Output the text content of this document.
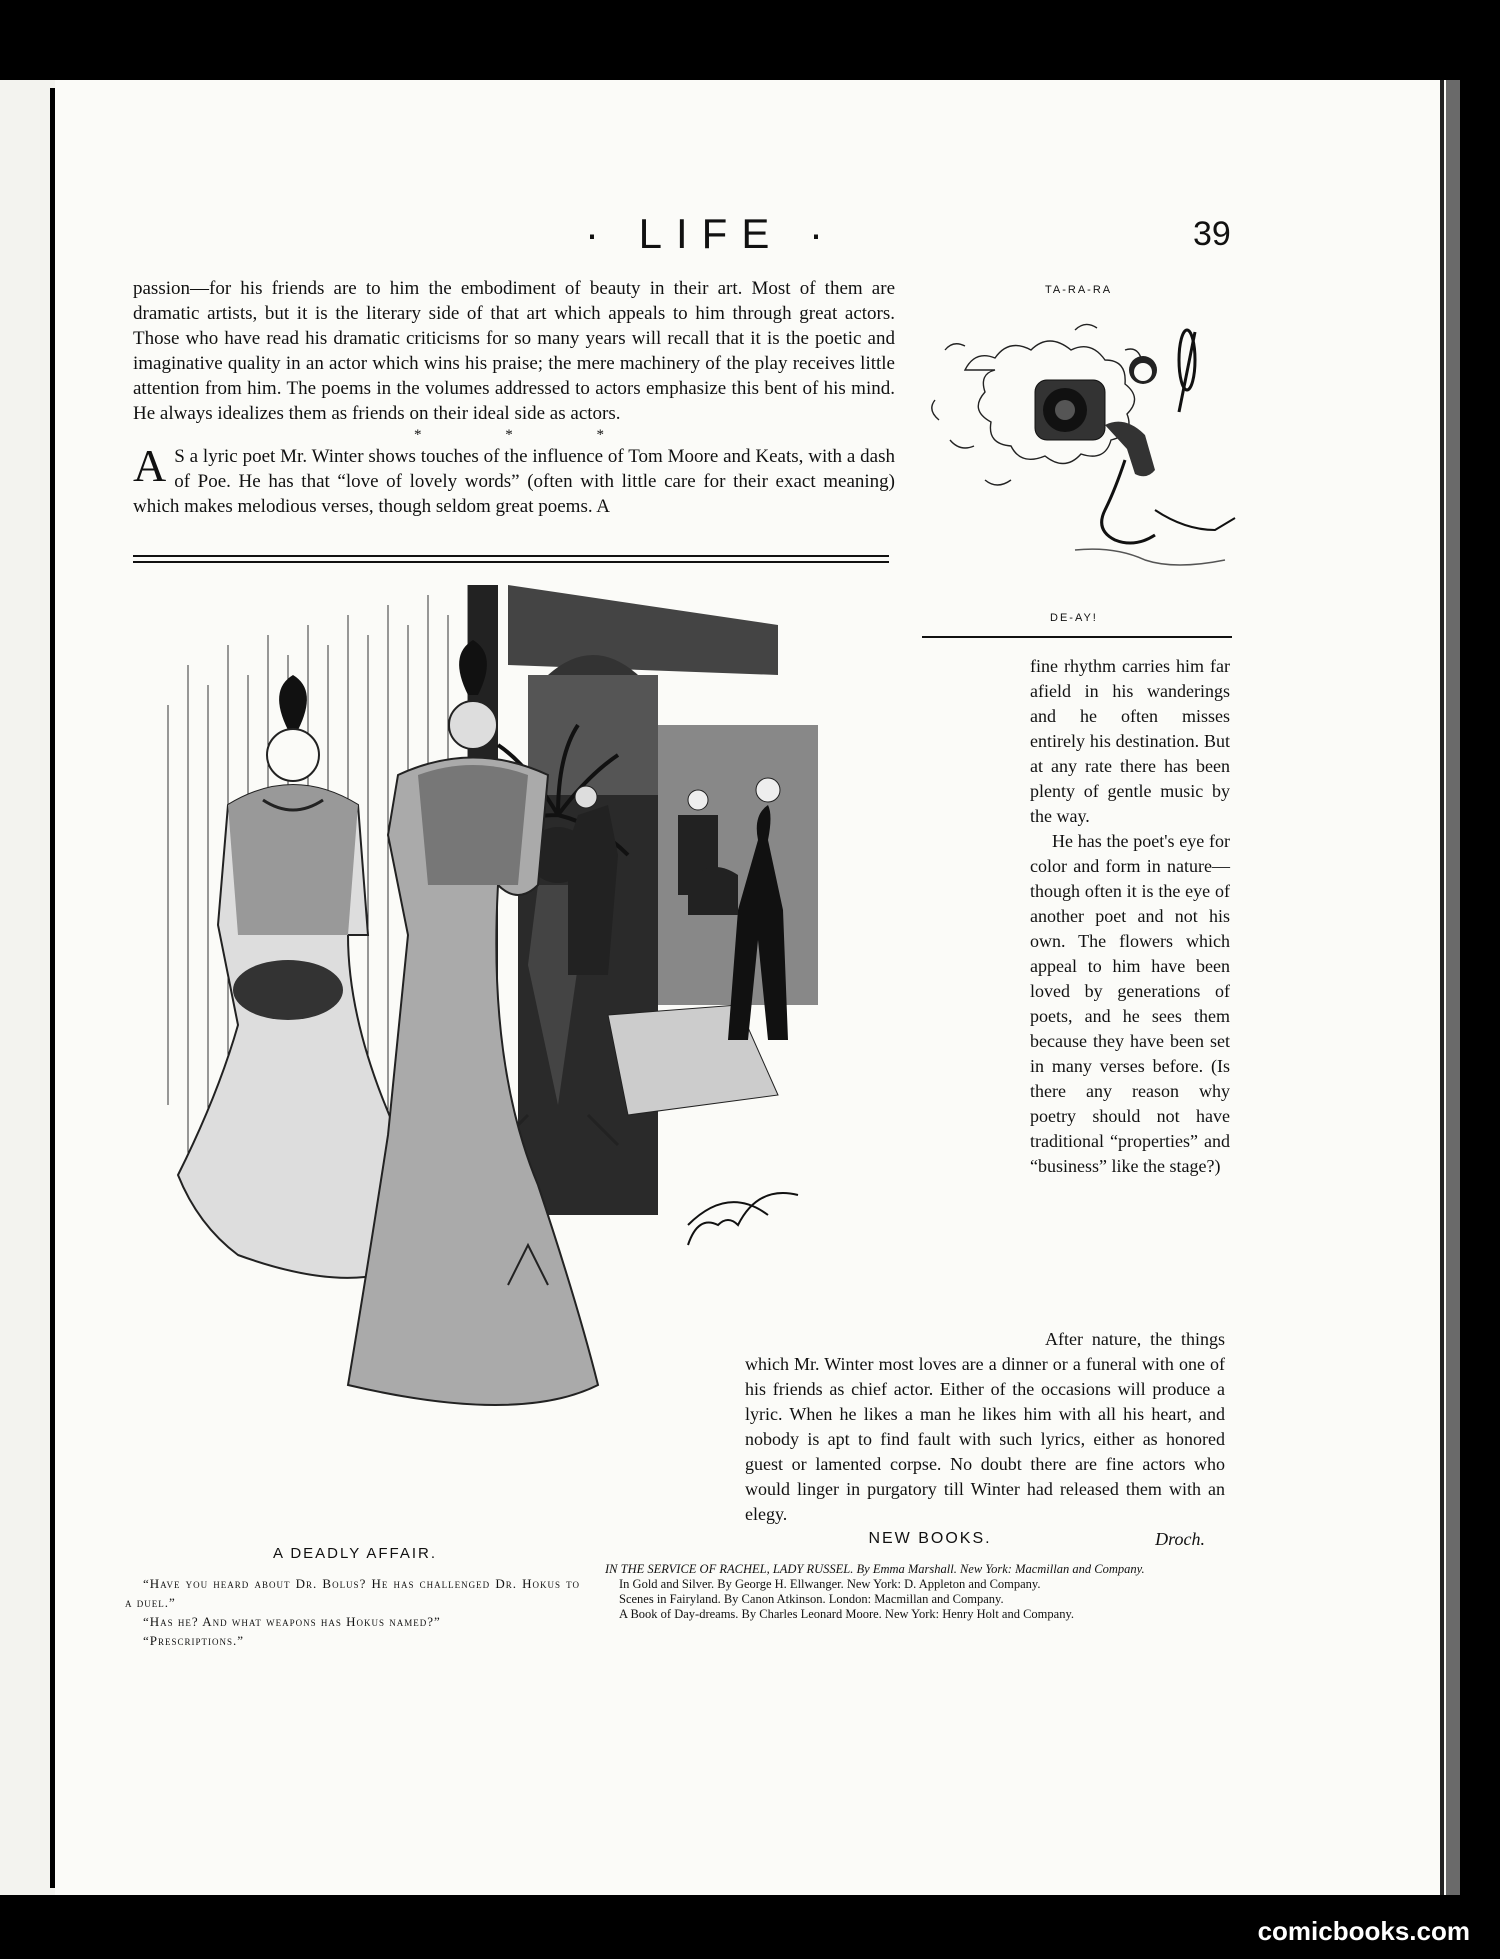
· LIFE ·	39

passion—for his friends are to him the embodiment of beauty in their art. Most of them are dramatic artists, but it is the literary side of that art which appeals to him through great actors. Those who have read his dramatic criticisms for so many years will recall that it is the poetic and imaginative quality in an actor which wins his praise; the mere machinery of the play receives little attention from him. The poems in the volumes addressed to actors emphasize this bent of his mind. He always idealizes them as friends on their ideal side as actors.

* * *

A S a lyric poet Mr. Winter shows touches of the influence of Tom Moore and Keats, with a dash of Poe. He has that “love of lovely words” (often with little care for their exact meaning) which makes melodious verses, though seldom great poems. A

TA-RA-RA
DE-AY!

fine rhythm carries him far afield in his wanderings and he often misses entirely his destination. But at any rate there has been plenty of gentle music by the way.

He has the poet's eye for color and form in nature—though often it is the eye of another poet and not his own. The flowers which appeal to him have been loved by generations of poets, and he sees them because they have been set in many verses before. (Is there any reason why poetry should not have traditional “properties” and “business” like the stage?)

After nature, the things which Mr. Winter most loves are a dinner or a funeral with one of his friends as chief actor. Either of the occasions will produce a lyric. When he likes a man he likes him with all his heart, and nobody is apt to find fault with such lyrics, either as honored guest or lamented corpse. No doubt there are fine actors who would linger in purgatory till Winter had released them with an elegy.

Droch.

A DEADLY AFFAIR.

“Have you heard about Dr. Bolus? He has challenged Dr. Hokus to a duel.”

“Has he? And what weapons has Hokus named?”

“Prescriptions.”

NEW BOOKS.

IN THE SERVICE OF RACHEL, LADY RUSSEL. By Emma Marshall. New York: Macmillan and Company.

In Gold and Silver. By George H. Ellwanger. New York: D. Appleton and Company.

Scenes in Fairyland. By Canon Atkinson. London: Macmillan and Company.

A Book of Day-dreams. By Charles Leonard Moore. New York: Henry Holt and Company.

comicbooks.com
